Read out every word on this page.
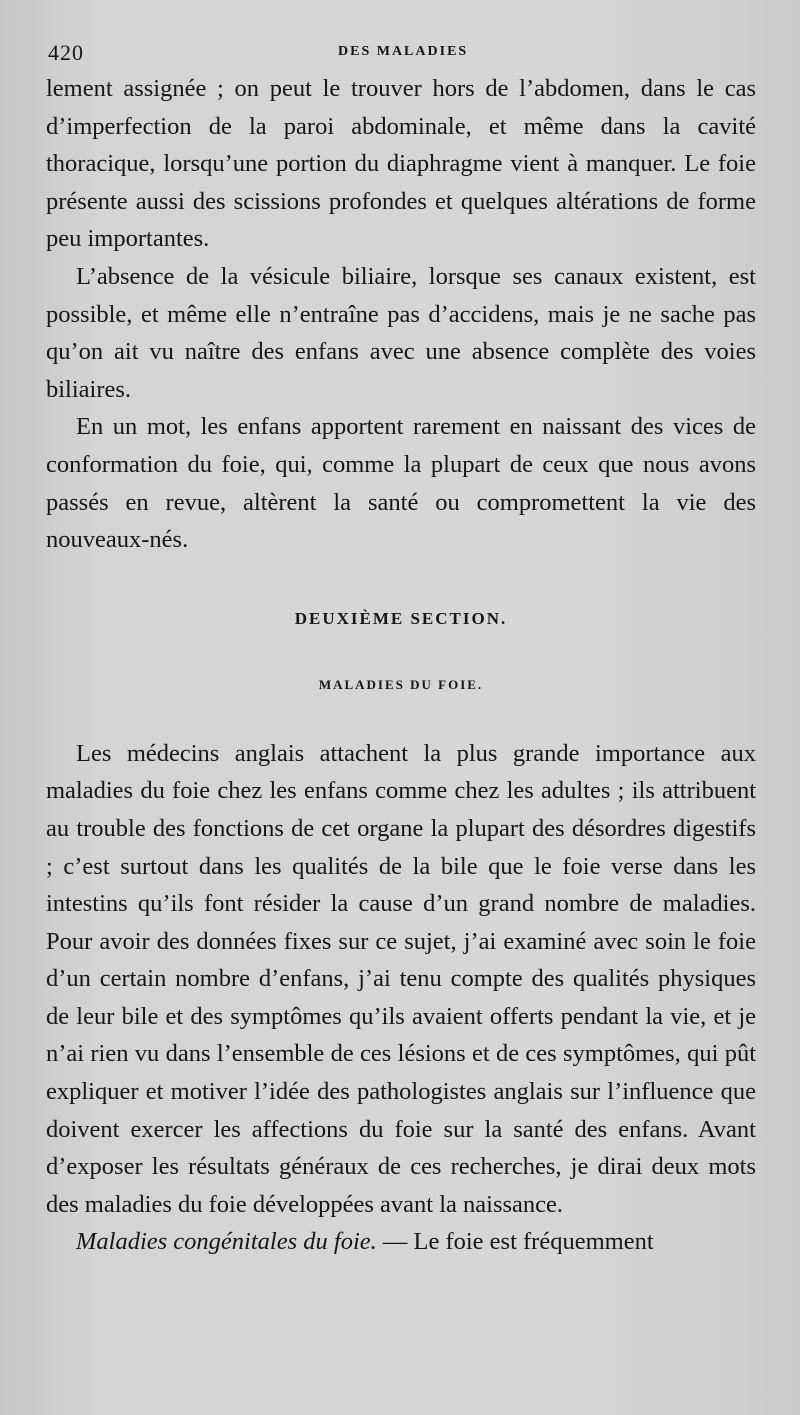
420	DES MALADIES

lement assignée ; on peut le trouver hors de l’abdomen, dans le cas d’imperfection de la paroi abdominale, et même dans la cavité thoracique, lorsqu’une portion du diaphragme vient à manquer. Le foie présente aussi des scissions profondes et quelques altérations de forme peu importantes.

L’absence de la vésicule biliaire, lorsque ses canaux existent, est possible, et même elle n’entraîne pas d’accidens, mais je ne sache pas qu’on ait vu naître des enfans avec une absence complète des voies biliaires.

En un mot, les enfans apportent rarement en naissant des vices de conformation du foie, qui, comme la plupart de ceux que nous avons passés en revue, altèrent la santé ou compromettent la vie des nouveaux-nés.

DEUXIÈME SECTION.
MALADIES DU FOIE.

Les médecins anglais attachent la plus grande importance aux maladies du foie chez les enfans comme chez les adultes ; ils attribuent au trouble des fonctions de cet organe la plupart des désordres digestifs ; c’est surtout dans les qualités de la bile que le foie verse dans les intestins qu’ils font résider la cause d’un grand nombre de maladies. Pour avoir des données fixes sur ce sujet, j’ai examiné avec soin le foie d’un certain nombre d’enfans, j’ai tenu compte des qualités physiques de leur bile et des symptômes qu’ils avaient offerts pendant la vie, et je n’ai rien vu dans l’ensemble de ces lésions et de ces symptômes, qui pût expliquer et motiver l’idée des pathologistes anglais sur l’influence que doivent exercer les affections du foie sur la santé des enfans. Avant d’exposer les résultats généraux de ces recherches, je dirai deux mots des maladies du foie développées avant la naissance.

Maladies congénitales du foie. — Le foie est fréquemment
